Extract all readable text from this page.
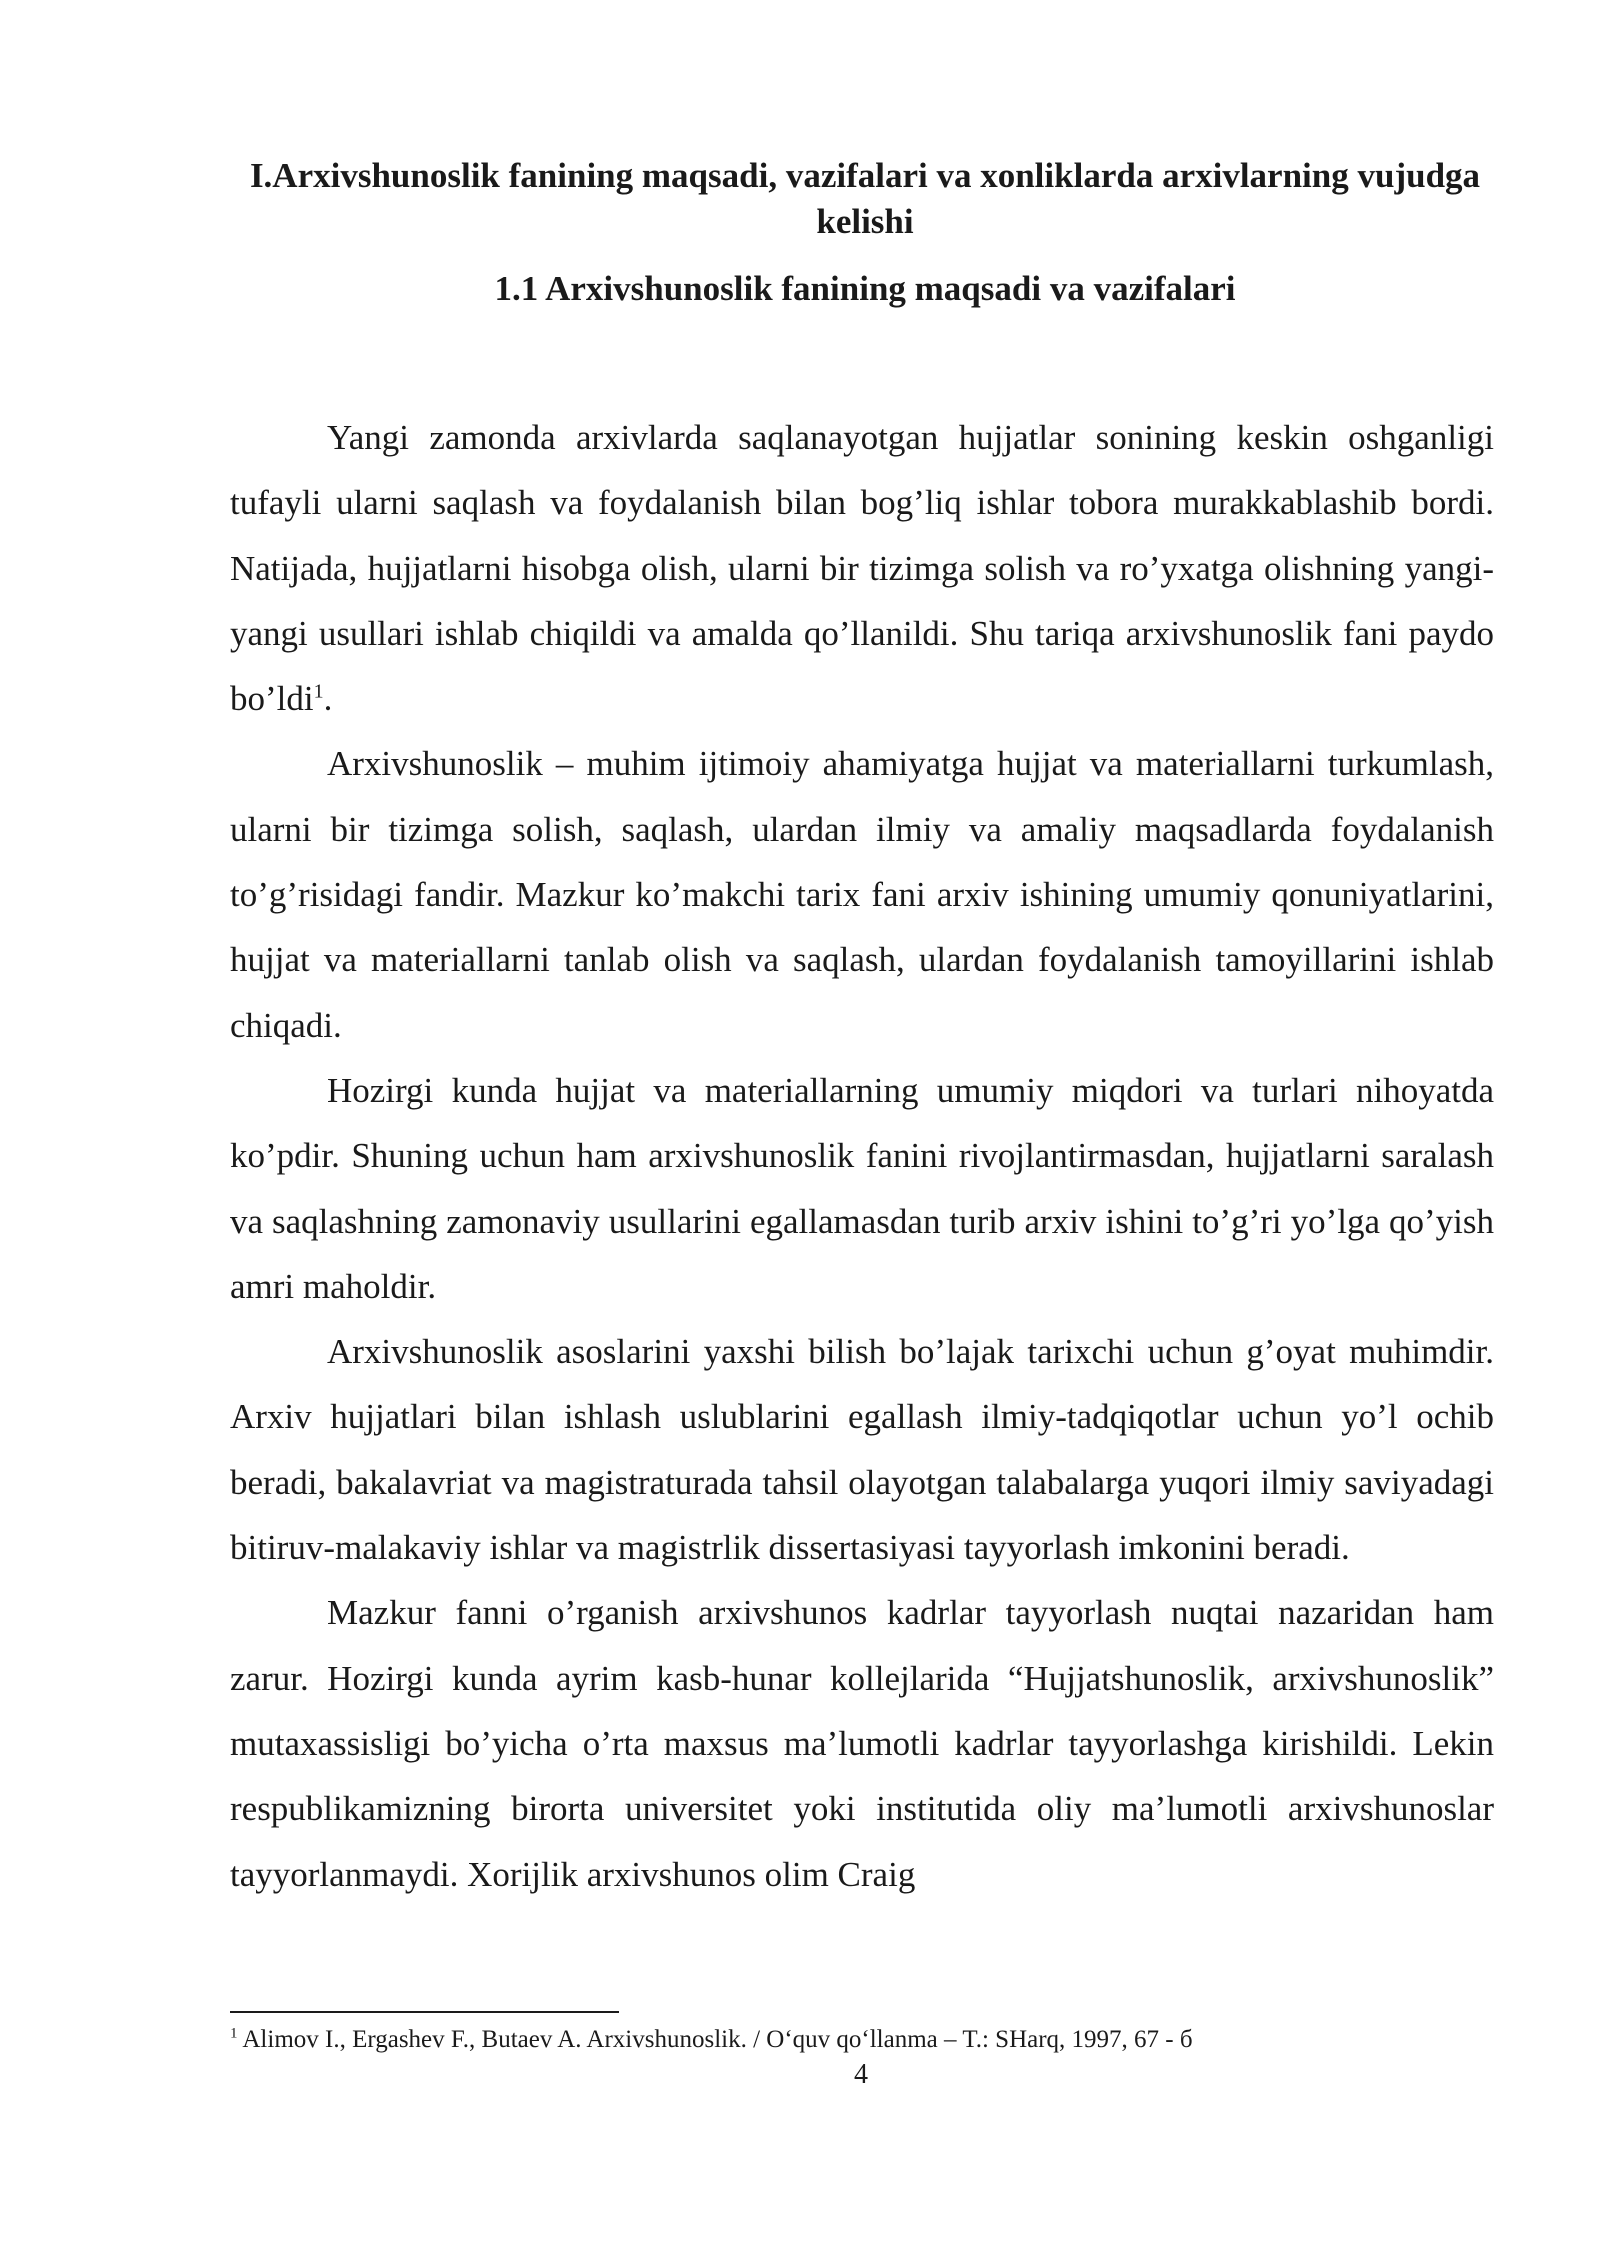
I.Arxivshunoslik fanining maqsadi, vazifalari va xonliklarda arxivlarning vujudga kelishi
1.1 Arxivshunoslik fanining maqsadi va vazifalari

Yangi zamonda arxivlarda saqlanayotgan hujjatlar sonining keskin oshganligi tufayli ularni saqlash va foydalanish bilan bog’liq ishlar tobora murakkablashib bordi. Natijada, hujjatlarni hisobga olish, ularni bir tizimga solish va ro’yxatga olishning yangi-yangi usullari ishlab chiqildi va amalda qo’llanildi. Shu tariqa arxivshunoslik fani paydo bo’ldi$^1$.

Arxivshunoslik – muhim ijtimoiy ahamiyatga hujjat va materiallarni turkumlash, ularni bir tizimga solish, saqlash, ulardan ilmiy va amaliy maqsadlarda foydalanish to’g’risidagi fandir. Mazkur ko’makchi tarix fani arxiv ishining umumiy qonuniyatlarini, hujjat va materiallarni tanlab olish va saqlash, ulardan foydalanish tamoyillarini ishlab chiqadi.

Hozirgi kunda hujjat va materiallarning umumiy miqdori va turlari nihoyatda ko’pdir. Shuning uchun ham arxivshunoslik fanini rivojlantirmasdan, hujjatlarni saralash va saqlashning zamonaviy usullarini egallamasdan turib arxiv ishini to’g’ri yo’lga qo’yish amri maholdir.

Arxivshunoslik asoslarini yaxshi bilish bo’lajak tarixchi uchun g’oyat muhimdir. Arxiv hujjatlari bilan ishlash uslublarini egallash ilmiy-tadqiqotlar uchun yo’l ochib beradi, bakalavriat va magistraturada tahsil olayotgan talabalarga yuqori ilmiy saviyadagi bitiruv-malakaviy ishlar va magistrlik dissertasiyasi tayyorlash imkonini beradi.

Mazkur fanni o’rganish arxivshunos kadrlar tayyorlash nuqtai nazaridan ham zarur. Hozirgi kunda ayrim kasb-hunar kollejlarida “Hujjatshunoslik, arxivshunoslik” mutaxassisligi bo’yicha o’rta maxsus ma’lumotli kadrlar tayyorlashga kirishildi. Lekin respublikamizning birorta universitet yoki institutida oliy ma’lumotli arxivshunoslar tayyorlanmaydi. Xorijlik arxivshunos olim Craig

$^1$ Alimov I., Ergashev F., Butaev A. Arxivshunoslik. / O‘quv qo‘llanma – T.: SHarq, 1997, 67 - б
4
